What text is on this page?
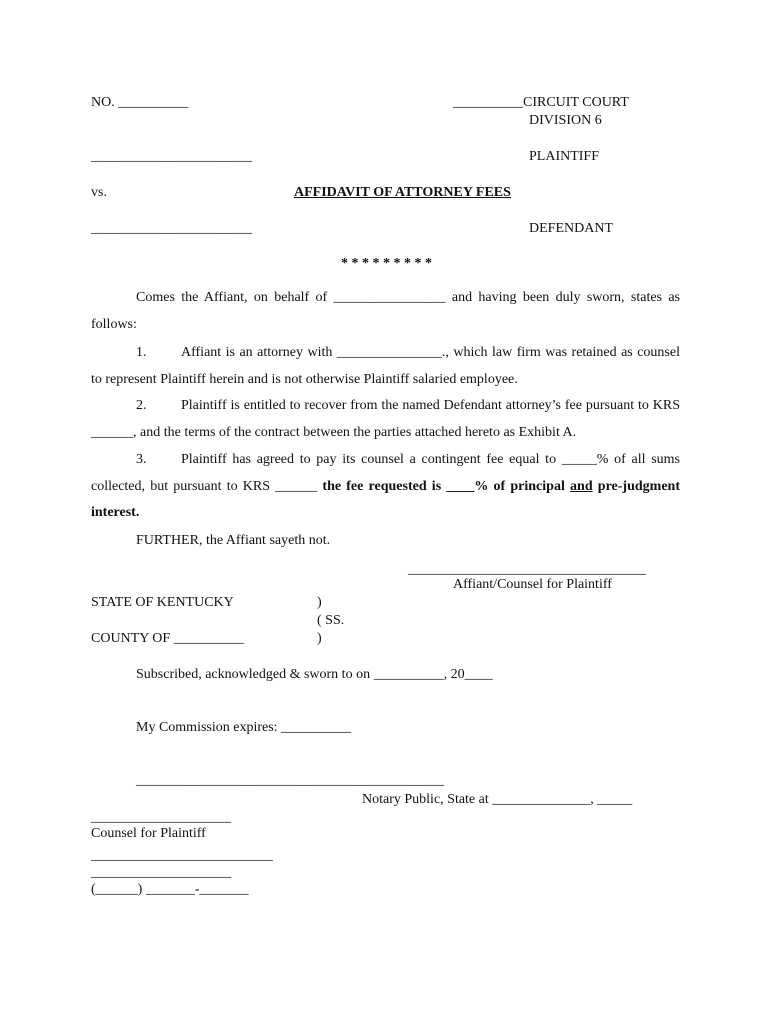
NO. __________	__________CIRCUIT COURT
DIVISION 6
_______________________	PLAINTIFF
vs.	AFFIDAVIT OF ATTORNEY FEES
_______________________	DEFENDANT
* * * * * * * * *
Comes the Affiant, on behalf of ________________ and having been duly sworn, states as follows:
1. Affiant is an attorney with _______________., which law firm was retained as counsel to represent Plaintiff herein and is not otherwise Plaintiff salaried employee.
2. Plaintiff is entitled to recover from the named Defendant attorney’s fee pursuant to KRS ______, and the terms of the contract between the parties attached hereto as Exhibit A.
3. Plaintiff has agreed to pay its counsel a contingent fee equal to _____% of all sums collected, but pursuant to KRS ______ the fee requested is ____% of principal and pre-judgment interest.
FURTHER, the Affiant sayeth not.
__________________________________
Affiant/Counsel for Plaintiff
STATE OF KENTUCKY	)
( SS.
COUNTY OF __________	)
Subscribed, acknowledged & sworn to on __________, 20____
My Commission expires: __________
____________________________________________
Notary Public, State at ______________, _____
____________________
Counsel for Plaintiff
__________________________
____________________
(______) _______-_______
